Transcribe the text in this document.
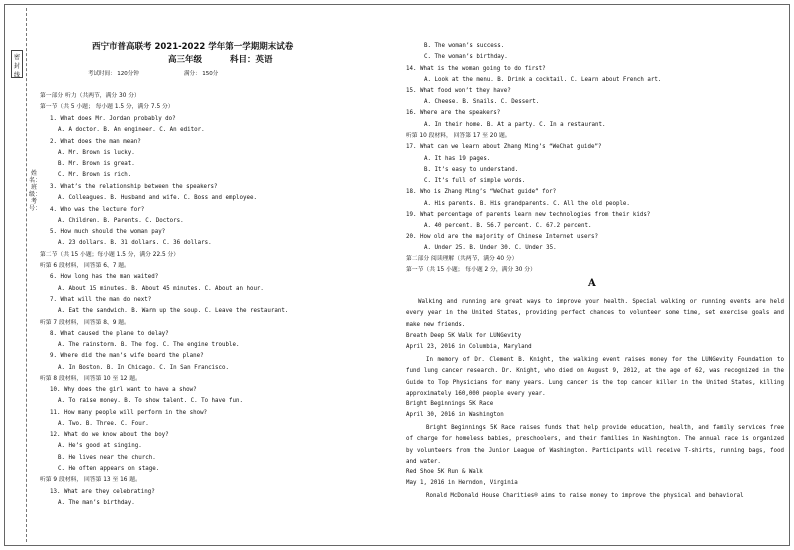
密封线
姓名：班级：考号：
西宁市普高联考 2021-2022 学年第一学期期末试卷
高三年级	科目：英语
考试时间： 120分钟	满分： 150分
第一部分 听力（共两节，满分 30 分）
第一节（共 5 小题； 每小题 1.5 分，满分 7.5 分）
1. What does Mr. Jordan probably do?
A. A doctor. B. An engineer. C. An editor.
2. What does the man mean?
A. Mr. Brown is lucky.
B. Mr. Brown is great.
C. Mr. Brown is rich.
3. What’s the relationship between the speakers?
A. Colleagues. B. Husband and wife. C. Boss and employee.
4. Who was the lecture for?
A. Children. B. Parents. C. Doctors.
5. How much should the woman pay?
A. 23 dollars. B. 31 dollars. C. 36 dollars.
第二节（共 15 小题；每小题 1.5 分，满分 22.5 分）
听第 6 段材料， 回答第 6、7 题。
6. How long has the man waited?
A. About 15 minutes. B. About 45 minutes. C. About an hour.
7. What will the man do next?
A. Eat the sandwich. B. Warm up the soup. C. Leave the restaurant.
听第 7 段材料， 回答第 8、9 题。
8. What caused the plane to delay?
A. The rainstorm. B. The fog. C. The engine trouble.
9. Where did the man’s wife board the plane?
A. In Boston. B. In Chicago. C. In San Francisco.
听第 8 段材料， 回答第 10 至 12 题。
10. Why does the girl want to have a show?
A. To raise money. B. To show talent. C. To have fun.
11. How many people will perform in the show?
A. Two. B. Three. C. Four.
12. What do we know about the boy?
A. He’s good at singing.
B. He lives near the church.
C. He often appears on stage.
听第 9 段材料， 回答第 13 至 16 题。
13. What are they celebrating?
A. The man’s birthday.
B. The woman’s success.
C. The woman’s birthday.
14. What is the woman going to do first?
A. Look at the menu. B. Drink a cocktail. C. Learn about French art.
15. What food won’t they have?
A. Cheese. B. Snails. C. Dessert.
16. Where are the speakers?
A. In their home. B. At a party. C. In a restaurant.
听第 10 段材料， 回答第 17 至 20 题。
17. What can we learn about Zhang Ming’s “WeChat guide”?
A. It has 19 pages.
B. It’s easy to understand.
C. It’s full of simple words.
18. Who is Zhang Ming’s “WeChat guide” for?
A. His parents. B. His grandparents. C. All the old people.
19. What percentage of parents learn new technologies from their kids?
A. 40 percent. B. 56.7 percent. C. 67.2 percent.
20. How old are the majority of Chinese Internet users?
A. Under 25. B. Under 30. C. Under 35.
第二部分 阅读理解（共两节，满分 40 分）
第一节（共 15 小题； 每小题 2 分，满分 30 分）
A
Walking and running are great ways to improve your health. Special walking or running events are held every year in the United States, providing perfect chances to volunteer some time, set exercise goals and make new friends.
Breath Deep 5K Walk for LUNGevity
April 23, 2016 in Columbia, Maryland
In memory of Dr. Clement B. Knight, the walking event raises money for the LUNGevity Foundation to fund lung cancer research. Dr. Knight, who died on August 9, 2012, at the age of 62, was recognized in the Guide to Top Physicians for many years. Lung cancer is the top cancer killer in the United States, killing approximately 160,000 people every year.
Bright Beginnings 5K Race
April 30, 2016 in Washington
Bright Beginnings 5K Race raises funds that help provide education, health, and family services free of charge for homeless babies, preschoolers, and their families in Washington. The annual race is organized by volunteers from the Junior League of Washington. Participants will receive T-shirts, running bags, food and water.
Red Shoe 5K Run & Walk
May 1, 2016 in Herndon, Virginia
Ronald McDonald House Charities® aims to raise money to improve the physical and behavioral
